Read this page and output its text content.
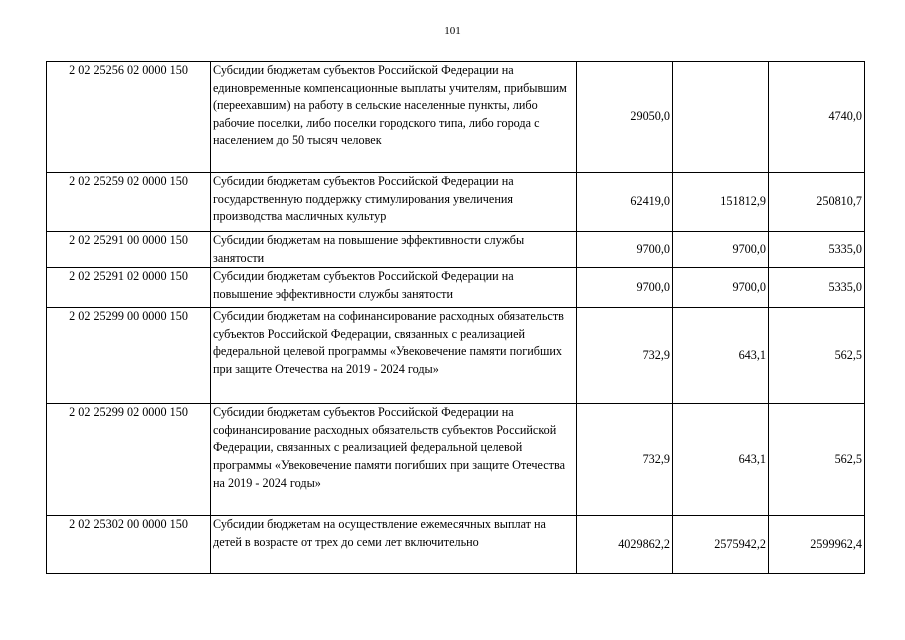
101
2 02 25256 02 0000 150	Субсидии бюджетам субъектов Российской Федерации на единовременные компенсационные выплаты учителям, прибывшим (переехавшим) на работу в сельские населенные пункты, либо рабочие поселки, либо поселки городского типа, либо города с населением до 50 тысяч человек	29050,0		4740,0
2 02 25259 02 0000 150	Субсидии бюджетам субъектов Российской Федерации на государственную поддержку стимулирования увеличения производства масличных культур	62419,0	151812,9	250810,7
2 02 25291 00 0000 150	Субсидии бюджетам на повышение эффективности службы занятости	9700,0	9700,0	5335,0
2 02 25291 02 0000 150	Субсидии бюджетам субъектов Российской Федерации на повышение эффективности службы занятости	9700,0	9700,0	5335,0
2 02 25299 00 0000 150	Субсидии бюджетам на софинансирование расходных обязательств субъектов Российской Федерации, связанных с реализацией федеральной целевой программы «Увековечение памяти погибших при защите Отечества на 2019 - 2024 годы»	732,9	643,1	562,5
2 02 25299 02 0000 150	Субсидии бюджетам субъектов Российской Федерации на софинансирование расходных обязательств субъектов Российской Федерации, связанных с реализацией федеральной целевой программы «Увековечение памяти погибших при защите Отечества на 2019 - 2024 годы»	732,9	643,1	562,5
2 02 25302 00 0000 150	Субсидии бюджетам на осуществление ежемесячных выплат на детей в возрасте от трех до семи лет включительно	4029862,2	2575942,2	2599962,4
